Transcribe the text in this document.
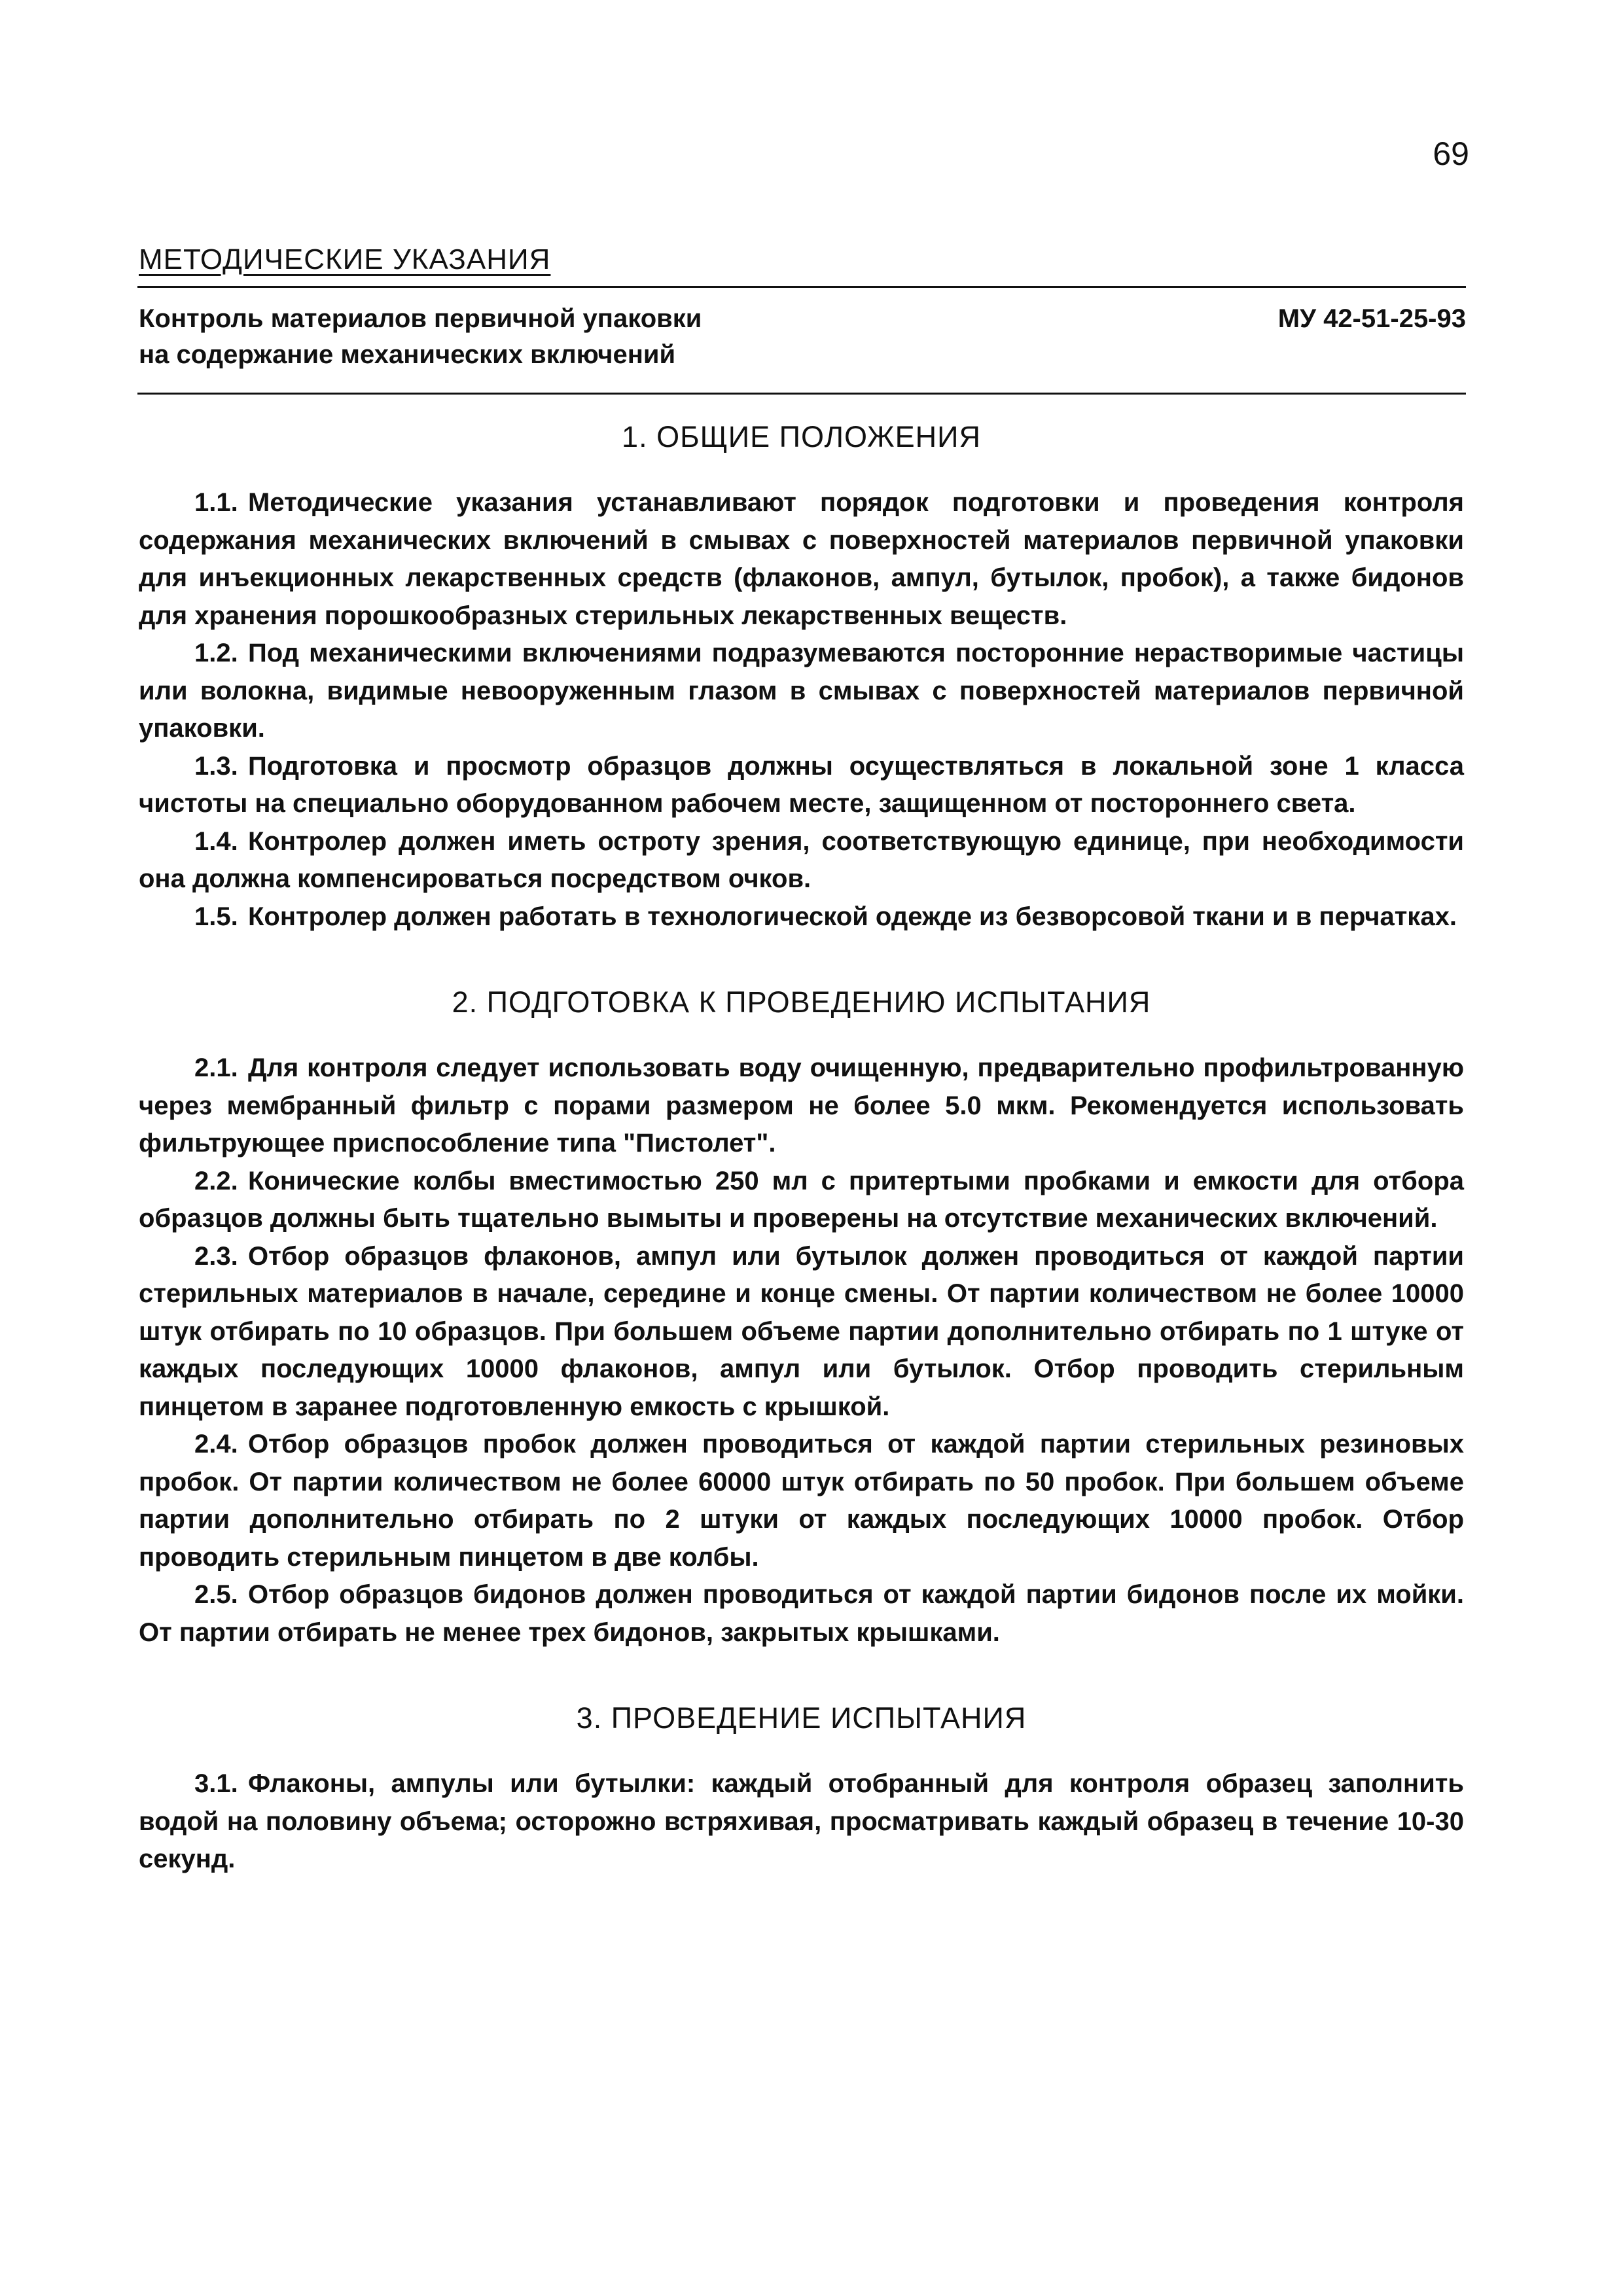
69
МЕТОДИЧЕСКИЕ УКАЗАНИЯ
Контроль материалов первичной упаковки
на содержание механических включений
МУ 42-51-25-93
1. ОБЩИЕ ПОЛОЖЕНИЯ

1.1. Методические указания устанавливают порядок подготовки и проведения контроля содержания механических включений в смывах с поверхностей материалов первичной упаковки для инъекционных лекарственных средств (флаконов, ампул, бутылок, пробок), а также бидонов для хранения порошкообразных стерильных лекарственных веществ.

1.2. Под механическими включениями подразумеваются посторонние нерастворимые частицы или волокна, видимые невооруженным глазом в смывах с поверхностей материалов первичной упаковки.

1.3. Подготовка и просмотр образцов должны осуществляться в локальной зоне 1 класса чистоты на специально оборудованном рабочем месте, защищенном от постороннего света.

1.4. Контролер должен иметь остроту зрения, соответствующую единице, при необходимости она должна компенсироваться посредством очков.

1.5. Контролер должен работать в технологической одежде из безворсовой ткани и в перчатках.

2. ПОДГОТОВКА К ПРОВЕДЕНИЮ ИСПЫТАНИЯ

2.1. Для контроля следует использовать воду очищенную, предварительно профильтрованную через мембранный фильтр с порами размером не более 5.0 мкм. Рекомендуется использовать фильтрующее приспособление типа "Пистолет".

2.2. Конические колбы вместимостью 250 мл с притертыми пробками и емкости для отбора образцов должны быть тщательно вымыты и проверены на отсутствие механических включений.

2.3. Отбор образцов флаконов, ампул или бутылок должен проводиться от каждой партии стерильных материалов в начале, середине и конце смены. От партии количеством не более 10000 штук отбирать по 10 образцов. При большем объеме партии дополнительно отбирать по 1 штуке от каждых последующих 10000 флаконов, ампул или бутылок. Отбор проводить стерильным пинцетом в заранее подготовленную емкость с крышкой.

2.4. Отбор образцов пробок должен проводиться от каждой партии стерильных резиновых пробок. От партии количеством не более 60000 штук отбирать по 50 пробок. При большем объеме партии дополнительно отбирать по 2 штуки от каждых последующих 10000 пробок. Отбор проводить стерильным пинцетом в две колбы.

2.5. Отбор образцов бидонов должен проводиться от каждой партии бидонов после их мойки. От партии отбирать не менее трех бидонов, закрытых крышками.

3. ПРОВЕДЕНИЕ ИСПЫТАНИЯ

3.1. Флаконы, ампулы или бутылки: каждый отобранный для контроля образец заполнить водой на половину объема; осторожно встряхивая, просматривать каждый образец в течение 10-30 секунд.
